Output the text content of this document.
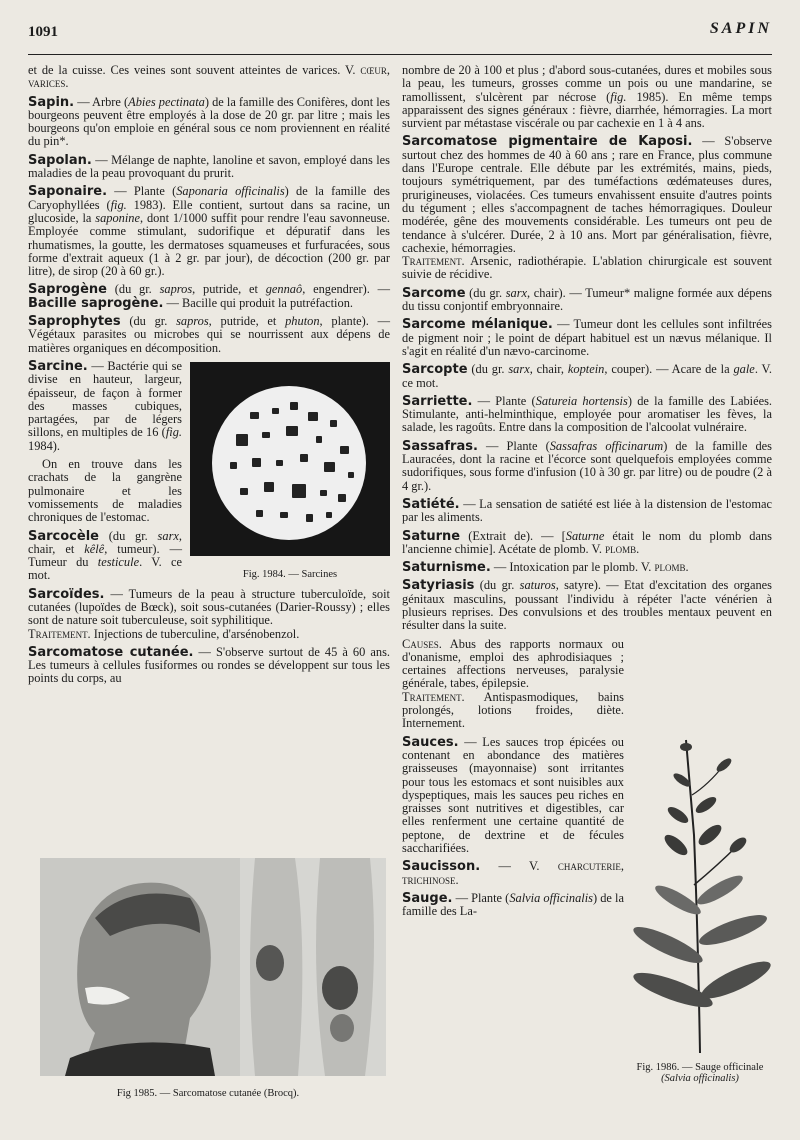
1091	SAPIN

et de la cuisse. Ces veines sont souvent atteintes de varices. V. cœur, varices.

Sapin. — Arbre (Abies pectinata) de la famille des Conifères, dont les bourgeons peuvent être employés à la dose de 20 gr. par litre ; mais les bourgeons qu'on emploie en général sous ce nom proviennent en réalité du pin*.

Sapolan. — Mélange de naphte, lanoline et savon, employé dans les maladies de la peau provoquant du prurit.

Saponaire. — Plante (Saponaria officinalis) de la famille des Caryophyllées (fig. 1983). Elle contient, surtout dans sa racine, un glucoside, la saponine, dont 1/1000 suffit pour rendre l'eau savonneuse. Employée comme stimulant, sudorifique et dépuratif dans les rhumatismes, la goutte, les dermatoses squameuses et furfuracées, sous forme d'extrait aqueux (1 à 2 gr. par jour), de décoction (200 gr. par litre), de sirop (20 à 60 gr.).

Saprogène (du gr. sapros, putride, et gennaô, engendrer). — Bacille saprogène. — Bacille qui produit la putréfaction.

Saprophytes (du gr. sapros, putride, et phuton, plante). — Végétaux parasites ou microbes qui se nourrissent aux dépens de matières organiques en décomposition.

Fig. 1984. — Sarcines

Sarcine. — Bactérie qui se divise en hauteur, largeur, épaisseur, de façon à former des masses cubiques, partagées, par de légers sillons, en multiples de 16 (fig. 1984).

On en trouve dans les crachats de la gangrène pulmonaire et les vomissements de maladies chroniques de l'estomac.

Sarcocèle (du gr. sarx, chair, et kêlê, tumeur). — Tumeur du testicule. V. ce mot.

Sarcoïdes. — Tumeurs de la peau à structure tuberculoïde, soit cutanées (lupoïdes de Bœck), soit sous-cutanées (Darier-Roussy) ; elles sont de nature soit tuberculeuse, soit syphilitique.
Traitement. Injections de tuberculine, d'arsénobenzol.

Sarcomatose cutanée. — S'observe surtout de 45 à 60 ans. Les tumeurs à cellules fusiformes ou rondes se développent sur tous les points du corps, au

Fig 1985. — Sarcomatose cutanée (Brocq).

nombre de 20 à 100 et plus ; d'abord sous-cutanées, dures et mobiles sous la peau, les tumeurs, grosses comme un pois ou une mandarine, se ramollissent, s'ulcèrent par nécrose (fig. 1985). En même temps apparaissent des signes généraux : fièvre, diarrhée, hémorragies. La mort survient par métastase viscérale ou par cachexie en 1 à 4 ans.

Sarcomatose pigmentaire de Kaposi. — S'observe surtout chez des hommes de 40 à 60 ans ; rare en France, plus commune dans l'Europe centrale. Elle débute par les extrémités, mains, pieds, toujours symétriquement, par des tuméfactions œdémateuses dures, prurigineuses, violacées. Ces tumeurs envahissent ensuite d'autres points du tégument ; elles s'accompagnent de taches hémorragiques. Douleur modérée, gêne des mouvements considérable. Les tumeurs ont peu de tendance à s'ulcérer. Durée, 2 à 10 ans. Mort par généralisation, fièvre, cachexie, hémorragies.
Traitement. Arsenic, radiothérapie. L'ablation chirurgicale est souvent suivie de récidive.

Sarcome (du gr. sarx, chair). — Tumeur* maligne formée aux dépens du tissu conjontif embryonnaire.

Sarcome mélanique. — Tumeur dont les cellules sont infiltrées de pigment noir ; le point de départ habituel est un nævus mélanique. Il s'agit en réalité d'un nævo-carcinome.

Sarcopte (du gr. sarx, chair, koptein, couper). — Acare de la gale. V. ce mot.

Sarriette. — Plante (Satureia hortensis) de la famille des Labiées. Stimulante, anti-helminthique, employée pour aromatiser les fèves, la salade, les ragoûts. Entre dans la composition de l'alcoolat vulnéraire.

Sassafras. — Plante (Sassafras officinarum) de la famille des Lauracées, dont la racine et l'écorce sont quelquefois employées comme sudorifiques, sous forme d'infusion (10 à 30 gr. par litre) ou de poudre (2 à 4 gr.).

Satiété. — La sensation de satiété est liée à la distension de l'estomac par les aliments.

Saturne (Extrait de). — [Saturne était le nom du plomb dans l'ancienne chimie]. Acétate de plomb. V. plomb.

Saturnisme. — Intoxication par le plomb. V. plomb.

Satyriasis (du gr. saturos, satyre). — Etat d'excitation des organes génitaux masculins, poussant l'individu à répéter l'acte vénérien à plusieurs reprises. Des convulsions et des troubles mentaux peuvent en résulter dans la suite.

Causes. Abus des rapports normaux ou d'onanisme, emploi des aphrodisiaques ; certaines affections nerveuses, paralysie générale, tabes, épilepsie.
Traitement. Antispasmodiques, bains prolongés, lotions froides, diète. Internement.

Sauces. — Les sauces trop épicées ou contenant en abondance des matières graisseuses (mayonnaise) sont irritantes pour tous les estomacs et sont nuisibles aux dyspeptiques, mais les sauces peu riches en graisses sont nutritives et digestibles, car elles renferment une certaine quantité de peptone, de dextrine et de fécules saccharifiées.

Saucisson. — V. charcuterie, trichinose.

Sauge. — Plante (Salvia officinalis) de la famille des La-

Fig. 1986. — Sauge officinale
(Salvia officinalis)
